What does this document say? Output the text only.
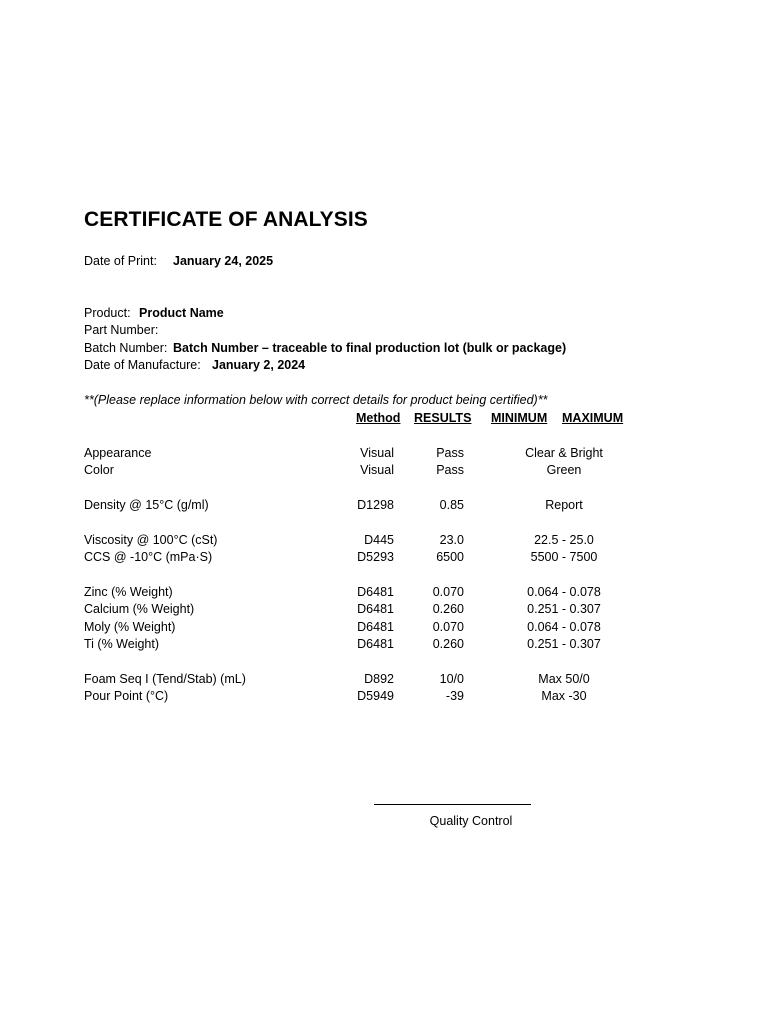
CERTIFICATE OF ANALYSIS
Date of Print: January 24, 2025
Product: Product Name
Part Number:
Batch Number: Batch Number – traceable to final production lot (bulk or package)
Date of Manufacture: January 2, 2024
**(Please replace information below with correct details for product being certified)**
Method RESULTS MINIMUM MAXIMUM
Appearance	Visual	Pass	Clear & Bright
Color	Visual	Pass	Green
Density @ 15°C (g/ml)	D1298	0.85	Report
Viscosity @ 100°C (cSt)	D445	23.0	22.5 - 25.0
CCS @ -10°C (mPa·S)	D5293	6500	5500 - 7500
Zinc (% Weight)	D6481	0.070	0.064 - 0.078
Calcium (% Weight)	D6481	0.260	0.251 - 0.307
Moly (% Weight)	D6481	0.070	0.064 - 0.078
Ti (% Weight)	D6481	0.260	0.251 - 0.307
Foam Seq I (Tend/Stab) (mL)	D892	10/0	Max 50/0
Pour Point (°C)	D5949	-39	Max -30
Quality Control
